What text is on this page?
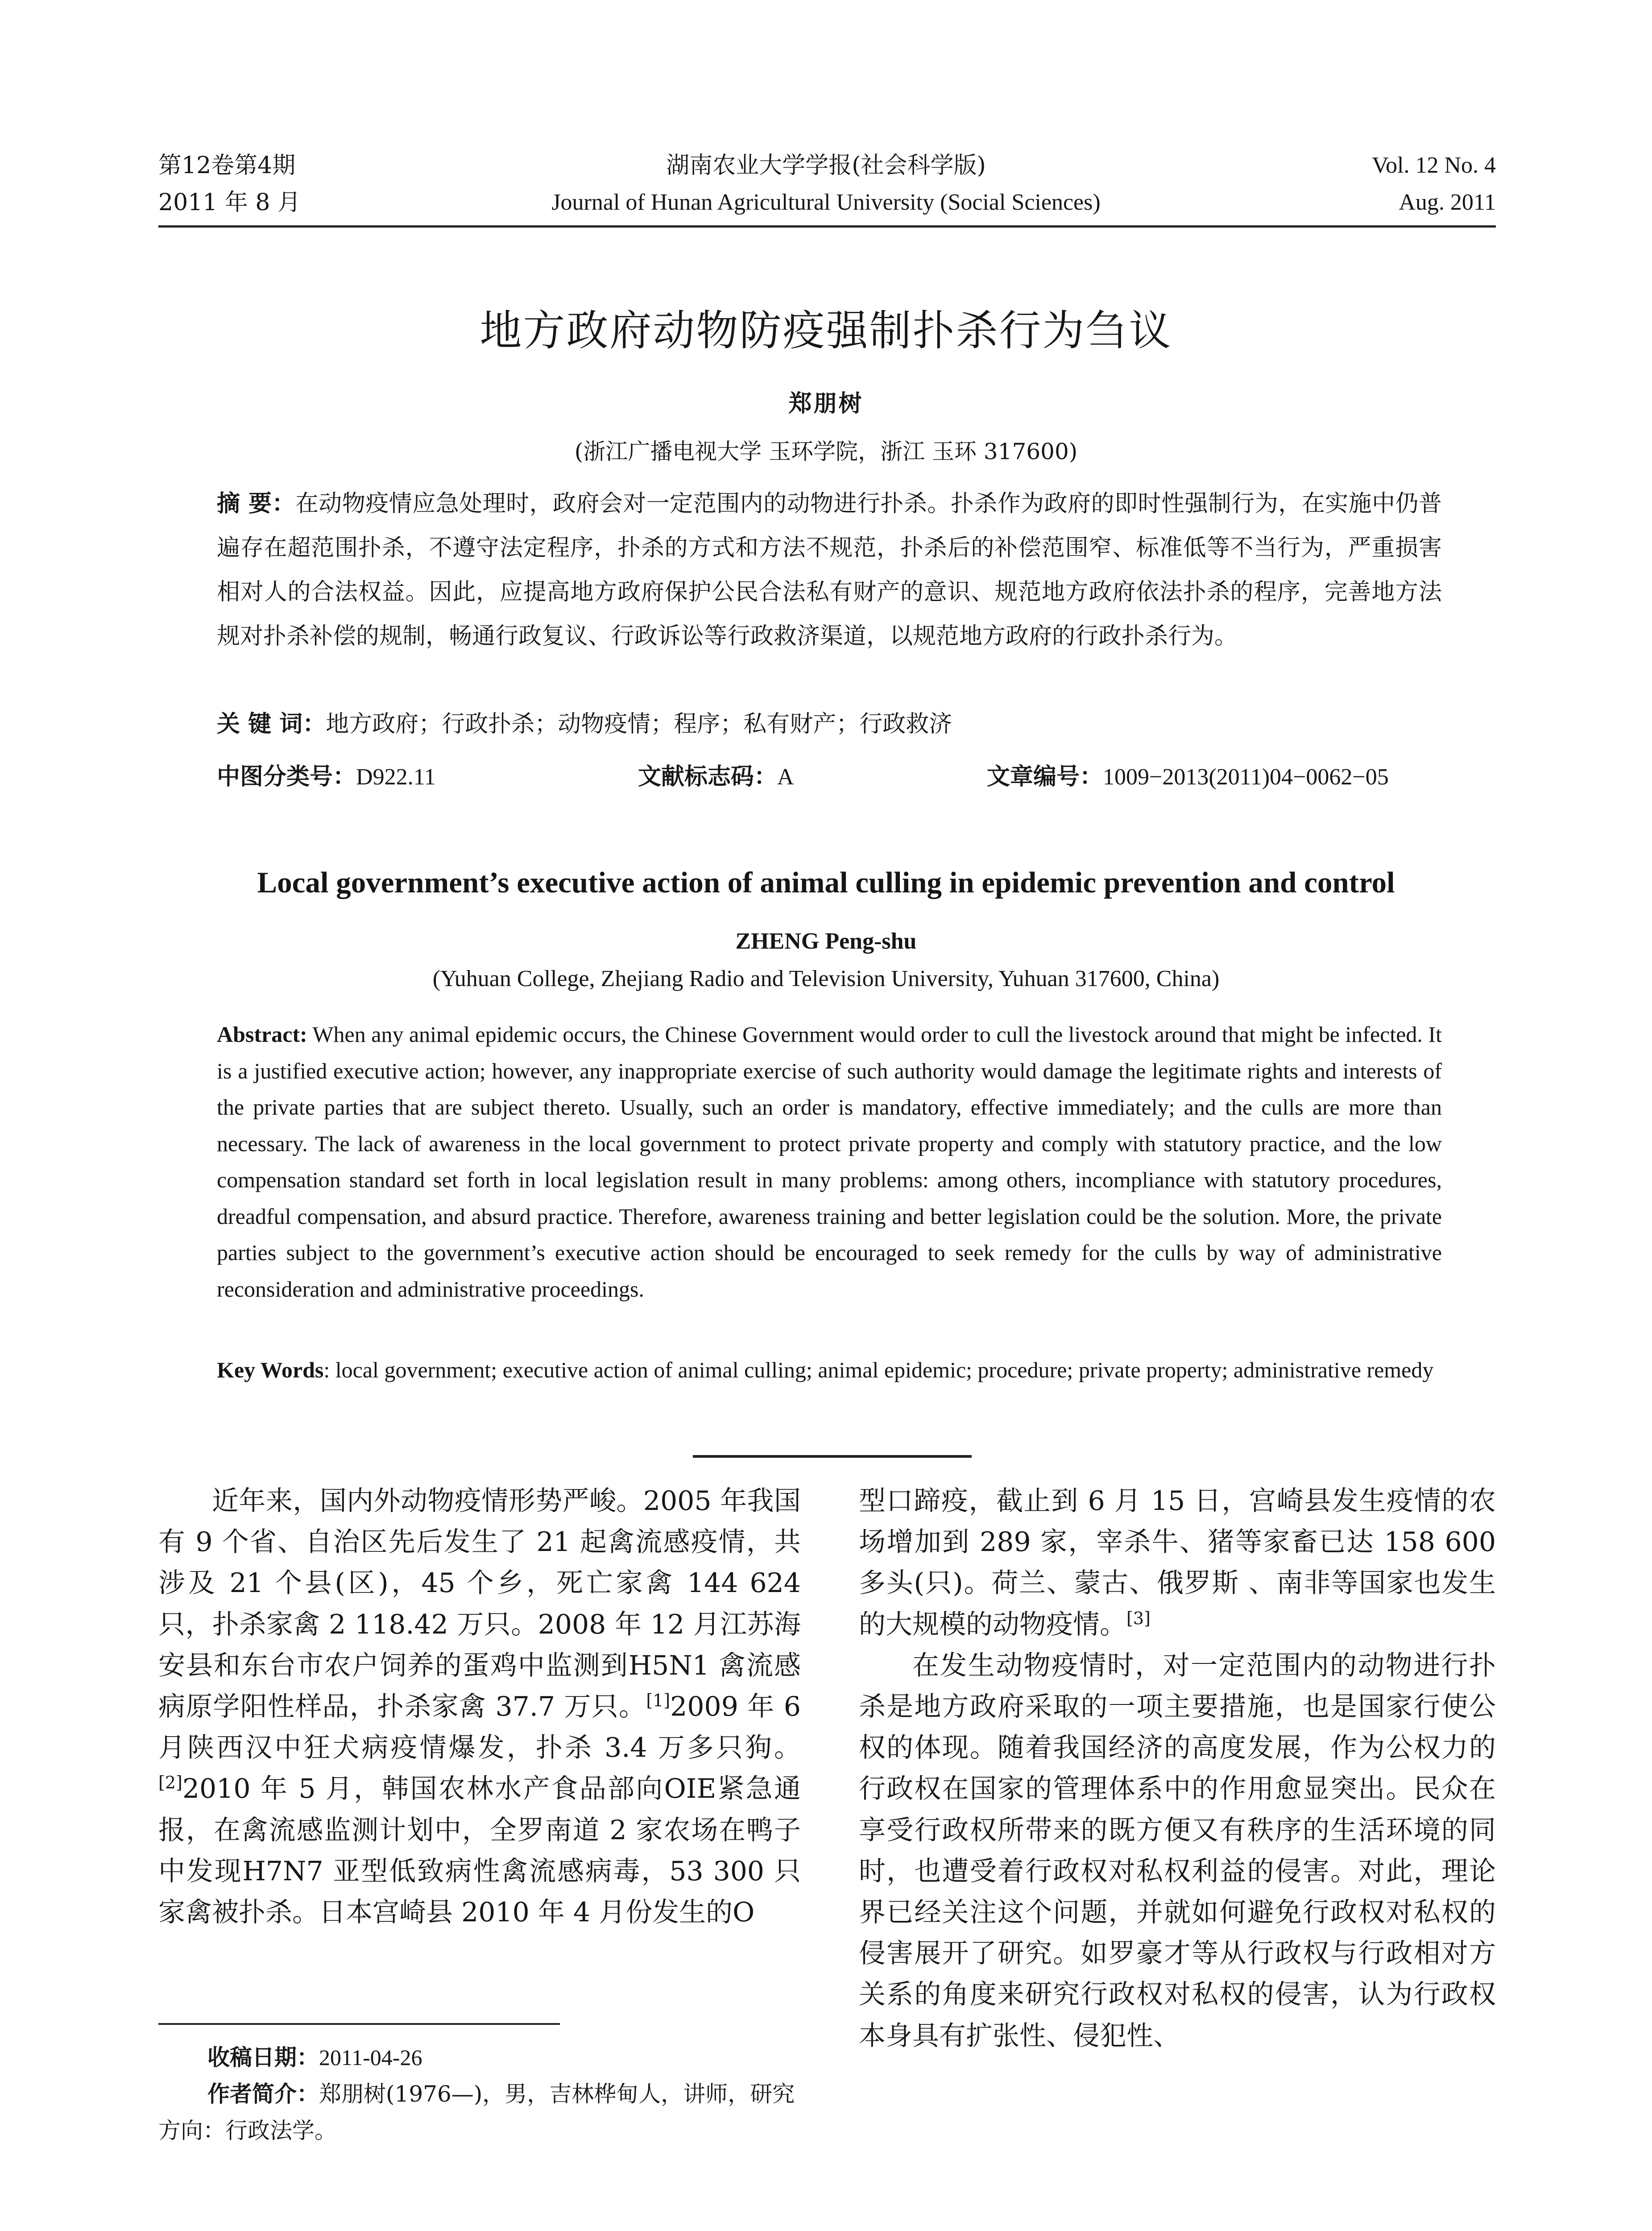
第12卷第4期
2011 年 8 月
湖南农业大学学报(社会科学版)
Journal of Hunan Agricultural University (Social Sciences)
Vol. 12 No. 4
Aug. 2011
地方政府动物防疫强制扑杀行为刍议
郑朋树
(浙江广播电视大学 玉环学院，浙江 玉环 317600)
摘 要：在动物疫情应急处理时，政府会对一定范围内的动物进行扑杀。扑杀作为政府的即时性强制行为，在实施中仍普遍存在超范围扑杀，不遵守法定程序，扑杀的方式和方法不规范，扑杀后的补偿范围窄、标准低等不当行为，严重损害相对人的合法权益。因此，应提高地方政府保护公民合法私有财产的意识、规范地方政府依法扑杀的程序，完善地方法规对扑杀补偿的规制，畅通行政复议、行政诉讼等行政救济渠道，以规范地方政府的行政扑杀行为。
关 键 词：地方政府；行政扑杀；动物疫情；程序；私有财产；行政救济
中图分类号：D922.11	文献标志码：A	文章编号：1009−2013(2011)04−0062−05
Local government’s executive action of animal culling in epidemic prevention and control
ZHENG Peng-shu
(Yuhuan College, Zhejiang Radio and Television University, Yuhuan 317600, China)
Abstract: When any animal epidemic occurs, the Chinese Government would order to cull the livestock around that might be infected. It is a justified executive action; however, any inappropriate exercise of such authority would damage the legitimate rights and interests of the private parties that are subject thereto. Usually, such an order is mandatory, effective immediately; and the culls are more than necessary. The lack of awareness in the local government to protect private property and comply with statutory practice, and the low compensation standard set forth in local legislation result in many problems: among others, incompliance with statutory procedures, dreadful compensation, and absurd practice. Therefore, awareness training and better legislation could be the solution. More, the private parties subject to the government’s executive action should be encouraged to seek remedy for the culls by way of administrative reconsideration and administrative proceedings.
Key Words: local government; executive action of animal culling; animal epidemic; procedure; private property; administrative remedy

近年来，国内外动物疫情形势严峻。2005 年我国有 9 个省、自治区先后发生了 21 起禽流感疫情，共涉及 21 个县(区)，45 个乡，死亡家禽 144 624 只，扑杀家禽 2 118.42 万只。2008 年 12 月江苏海安县和东台市农户饲养的蛋鸡中监测到H5N1 禽流感病原学阳性样品，扑杀家禽 37.7 万只。[1]2009 年 6 月陕西汉中狂犬病疫情爆发，扑杀 3.4 万多只狗。[2]2010 年 5 月，韩国农林水产食品部向OIE紧急通报，在禽流感监测计划中，全罗南道 2 家农场在鸭子中发现H7N7 亚型低致病性禽流感病毒，53 300 只家禽被扑杀。日本宫崎县 2010 年 4 月份发生的O

型口蹄疫，截止到 6 月 15 日，宫崎县发生疫情的农场增加到 289 家，宰杀牛、猪等家畜已达 158 600 多头(只)。荷兰、蒙古、俄罗斯 、南非等国家也发生的大规模的动物疫情。[3]

在发生动物疫情时，对一定范围内的动物进行扑杀是地方政府采取的一项主要措施，也是国家行使公权的体现。随着我国经济的高度发展，作为公权力的行政权在国家的管理体系中的作用愈显突出。民众在享受行政权所带来的既方便又有秩序的生活环境的同时，也遭受着行政权对私权利益的侵害。对此，理论界已经关注这个问题，并就如何避免行政权对私权的侵害展开了研究。如罗豪才等从行政权与行政相对方关系的角度来研究行政权对私权的侵害，认为行政权本身具有扩张性、侵犯性、

收稿日期：2011-04-26

作者简介：郑朋树(1976—)，男，吉林桦甸人，讲师，研究方向：行政法学。
